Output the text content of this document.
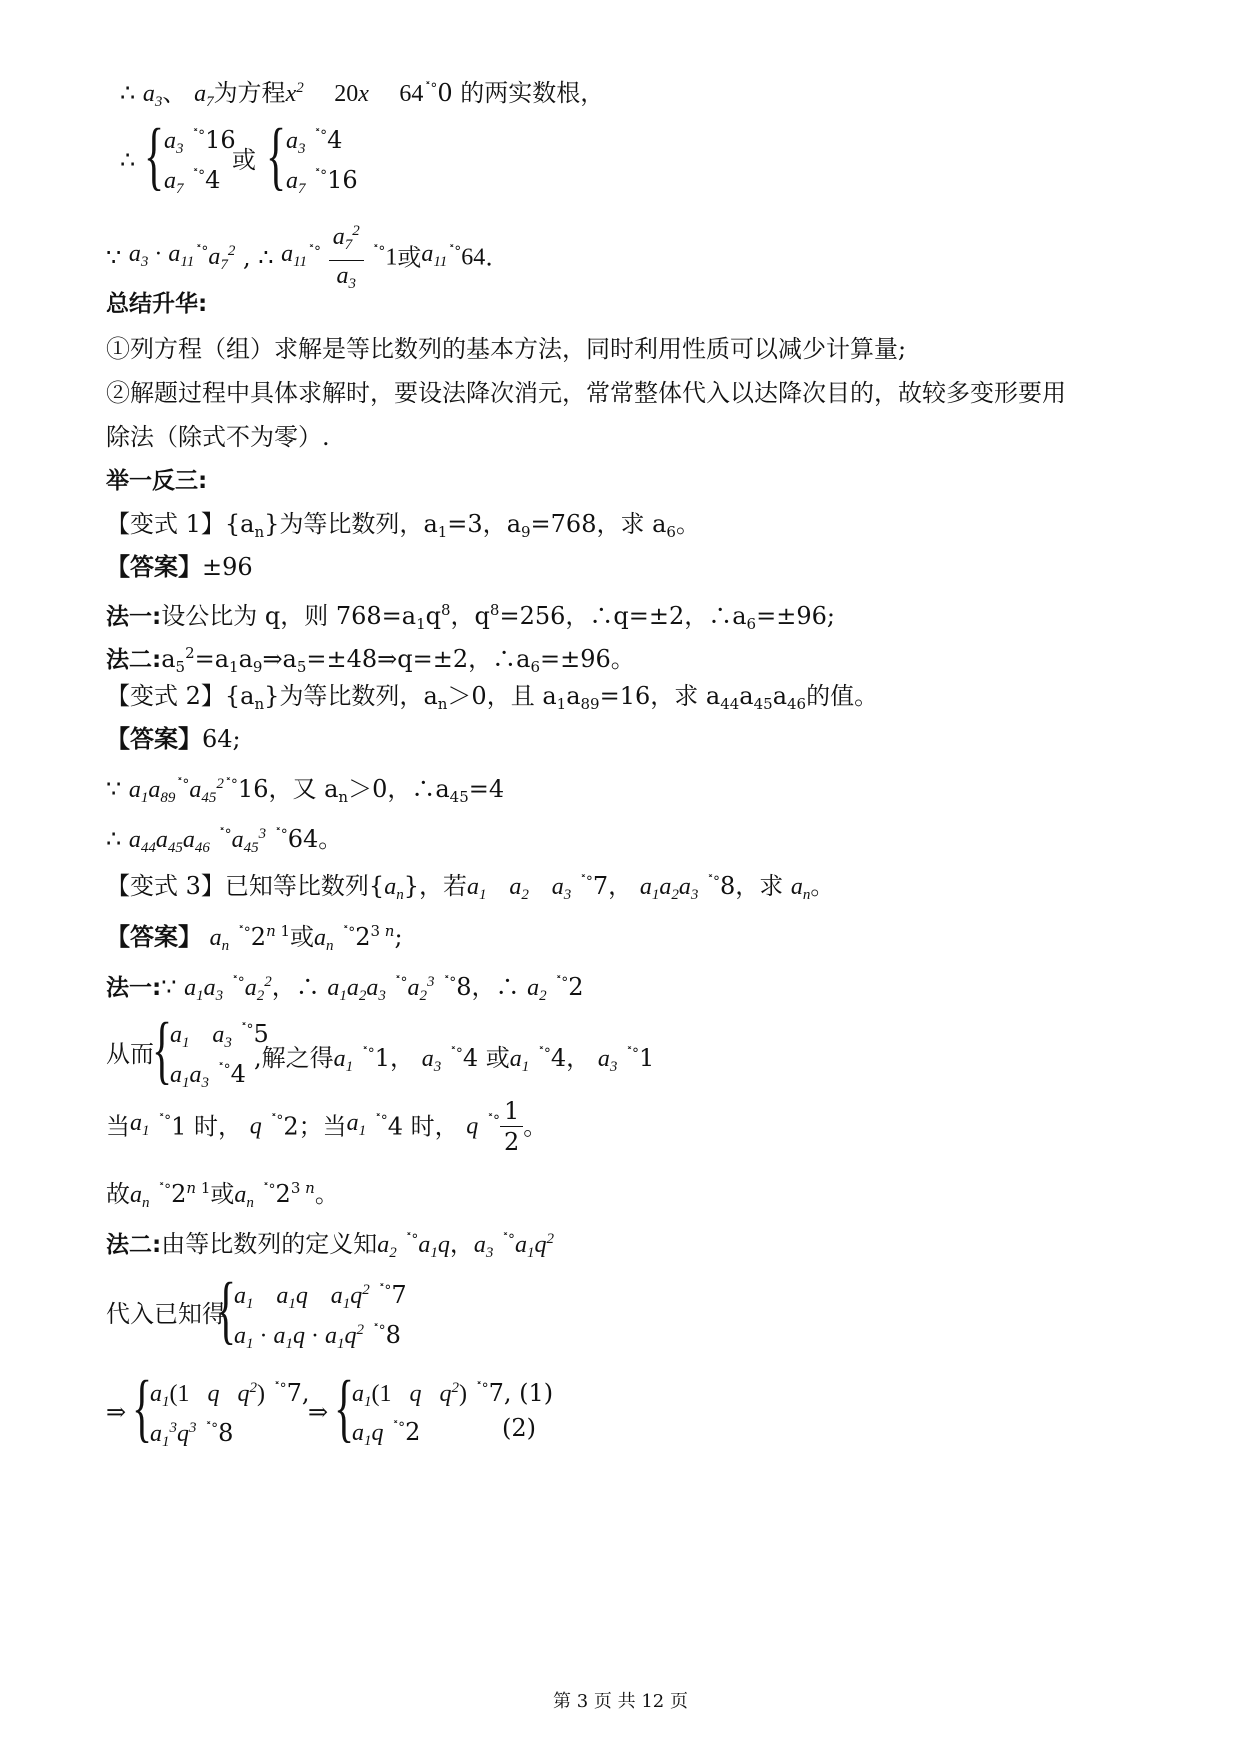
∴ $a_3$、 $a_7$为方程$x^2$ 20x 64˟°0 的两实数根，
∴ { $a_3$ ˟°16
$a_7$ ˟°4
或 { $a_3$ ˟°4
$a_7$ ˟°16
∵ $a_3 \cdot a_{11}^{˟^\circ}a_7^2$ , ∴ $a_{11}^{˟^\circ} \frac{a_7^2}{a_3} ^{˟^\circ}1$或$a_{11}^{˟^\circ}64$.
总结升华:
①列方程（组）求解是等比数列的基本方法，同时利用性质可以减少计算量;
②解题过程中具体求解时，要设法降次消元，常常整体代入以达降次目的，故较多变形要用
除法（除式不为零）.
举一反三:
【变式 1】$\{a_n\}$为等比数列，$a_1=3$，$a_9=768$，求 $a_6$。
【答案】±96
法一:设公比为 q，则 $768=a_1q^8$，$q^8=256$，∴q=±2，$\therefore a_6=\pm 96$;
法二$:a_5^2=a_1a_9\Rightarrow a_5=\pm 48\Rightarrow q=\pm 2$，$\therefore a_6=\pm 96$。
【变式 2】$\{a_n\}$为等比数列，$a_n>0$，且 $a_1a_{89}=16$，求 $a_{44}a_{45}a_{46}$的值。
【答案】64;
∵ $a_1a_{89}^{˟^\circ}a_{45}^{2˟^\circ}16$，又 $a_n>0$，$\therefore a_{45}=4$
∴ $a_{44}a_{45}a_{46}$ $^{˟^\circ}a_{45}^3$ ˟°64。
【变式 3】已知等比数列$\{a_n\}$，若$a_1$ $a_2$ $a_3$ ˟°7， $a_1a_2a_3$ ˟°8，求 $a_n$。
【答案】 $a_n$ $^{˟^\circ}2^{n 1}$或$a_n$ $^{˟^\circ}2^{3 n}$;
法一:∵ $a_1a_3$ $^{˟^\circ}a_2^2$，∴ $a_1a_2a_3$ $^{˟^\circ}a_2^3$ ˟°8，∴ $a_2$ ˟°2
从而
{
$a_1$ $a_3$ ˟°5
$a_1a_3$ ˟°4
,解之得$a_1$ ˟°1， $a_3$ ˟°4 或$a_1$ ˟°4， $a_3$ ˟°1
当$a_1$ ˟°1 时， q ˟°2；当$a_1$ ˟°4 时， q $^{˟^\circ} \frac{1}{2}$ 。
故$a_n$ $^{˟^\circ}2^{n 1}$或$a_n$ $^{˟^\circ}2^{3 n}$。
法二:由等比数列的定义知$a_2$ $^{˟^\circ}a_1q$，$a_3$ $^{˟^\circ}a_1q^2$
代入已知得
{
$a_1$ $a_1q$ $a_1q^2$ ˟°7
$a_1 \cdot a_1q \cdot a_1q^2$ ˟°8
⇒ {
$a_1(1$   q   $q^2$) ˟°7,
$a_1^3q^3$ ˟°8
⇒ {
$a_1(1$   q   $q^2$) ˟°7, (1)
$a_1q$ ˟°2	(2)
第 3 页 共 12 页
